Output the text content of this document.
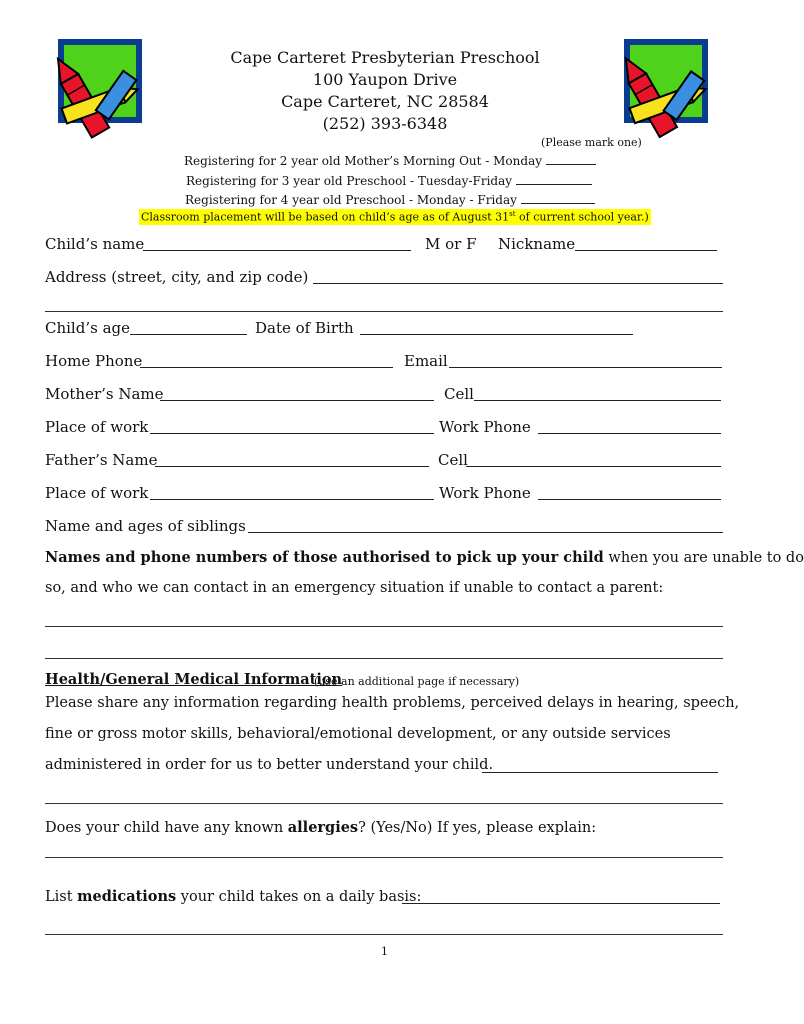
Cape Carteret Presbyterian Preschool
100 Yaupon Drive
Cape Carteret, NC 28584
(252) 393-6348
(Please mark one)
Registering for 2 year old Mother’s Morning Out - Monday
Registering for 3 year old Preschool - Tuesday-Friday
Registering for 4 year old Preschool - Monday - Friday
Classroom placement will be based on child’s age as of August 31st of current school year.)
Child’s name	M or F Nickname
Address (street, city, and zip code)
Child’s age	Date of Birth
Home Phone	Email
Mother’s Name	Cell
Place of work	Work Phone
Father’s Name	Cell
Place of work	Work Phone
Name and ages of siblings
Names and phone numbers of those authorised to pick up your child when you are unable to do
so, and who we can contact in an emergency situation if unable to contact a parent:
Health/General Medical Information
(use an additional page if necessary)
Please share any information regarding health problems, perceived delays in hearing, speech,
fine or gross motor skills, behavioral/emotional development, or any outside services
administered in order for us to better understand your child.
Does your child have any known allergies? (Yes/No) If yes, please explain:
List medications your child takes on a daily basis:
1
